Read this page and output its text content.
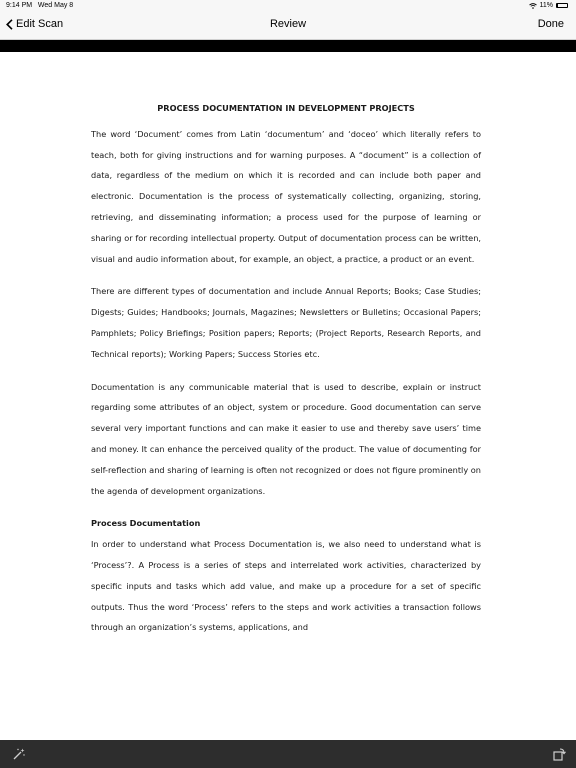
9:14 PM Wed May 8	11%
Edit Scan	Review	Done

PROCESS DOCUMENTATION IN DEVELOPMENT PROJECTS

The word ‘Document’ comes from Latin ‘documentum’ and ‘doceo’ which literally refers to teach, both for giving instructions and for warning purposes. A “document” is a collection of data, regardless of the medium on which it is recorded and can include both paper and electronic. Documentation is the process of systematically collecting, organizing, storing, retrieving, and disseminating information; a process used for the purpose of learning or sharing or for recording intellectual property. Output of documentation process can be written, visual and audio information about, for example, an object, a practice, a product or an event.

There are different types of documentation and include Annual Reports; Books; Case Studies; Digests; Guides; Handbooks; Journals, Magazines; Newsletters or Bulletins; Occasional Papers; Pamphlets; Policy Briefings; Position papers; Reports; (Project Reports, Research Reports, and Technical reports); Working Papers; Success Stories etc.

Documentation is any communicable material that is used to describe, explain or instruct regarding some attributes of an object, system or procedure. Good documentation can serve several very important functions and can make it easier to use and thereby save users’ time and money. It can enhance the perceived quality of the product. The value of documenting for self-reflection and sharing of learning is often not recognized or does not figure prominently on the agenda of development organizations.

Process Documentation

In order to understand what Process Documentation is, we also need to understand what is ‘Process’?. A Process is a series of steps and interrelated work activities, characterized by specific inputs and tasks which add value, and make up a procedure for a set of specific outputs. Thus the word ‘Process’ refers to the steps and work activities a transaction follows through an organization’s systems, applications, and
